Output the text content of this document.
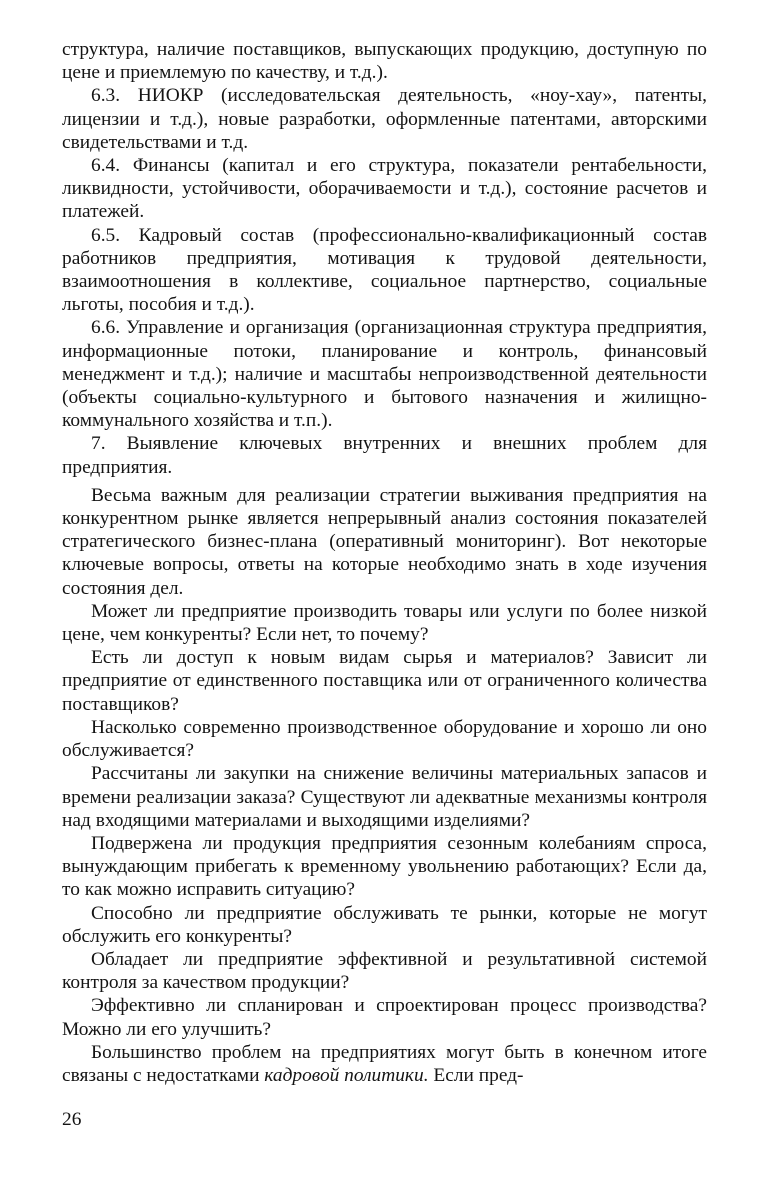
структура, наличие поставщиков, выпускающих продукцию, доступную по цене и приемлемую по качеству, и т.д.).

6.3. НИОКР (исследовательская деятельность, «ноу-хау», патенты, лицензии и т.д.), новые разработки, оформленные патентами, авторскими свидетельствами и т.д.

6.4. Финансы (капитал и его структура, показатели рентабельности, ликвидности, устойчивости, оборачиваемости и т.д.), состояние расчетов и платежей.

6.5. Кадровый состав (профессионально-квалификационный состав работников предприятия, мотивация к трудовой деятельности, взаимоотношения в коллективе, социальное партнерство, социальные льготы, пособия и т.д.).

6.6. Управление и организация (организационная структура предприятия, информационные потоки, планирование и контроль, финансовый менеджмент и т.д.); наличие и масштабы непроизводственной деятельности (объекты социально-культурного и бытового назначения и жилищно-коммунального хозяйства и т.п.).

7. Выявление ключевых внутренних и внешних проблем для предприятия.

Весьма важным для реализации стратегии выживания предприятия на конкурентном рынке является непрерывный анализ состояния показателей стратегического бизнес-плана (оперативный мониторинг). Вот некоторые ключевые вопросы, ответы на которые необходимо знать в ходе изучения состояния дел.

Может ли предприятие производить товары или услуги по более низкой цене, чем конкуренты? Если нет, то почему?

Есть ли доступ к новым видам сырья и материалов? Зависит ли предприятие от единственного поставщика или от ограниченного количества поставщиков?

Насколько современно производственное оборудование и хорошо ли оно обслуживается?

Рассчитаны ли закупки на снижение величины материальных запасов и времени реализации заказа? Существуют ли адекватные механизмы контроля над входящими материалами и выходящими изделиями?

Подвержена ли продукция предприятия сезонным колебаниям спроса, вынуждающим прибегать к временному увольнению работающих? Если да, то как можно исправить ситуацию?

Способно ли предприятие обслуживать те рынки, которые не могут обслужить его конкуренты?

Обладает ли предприятие эффективной и результативной системой контроля за качеством продукции?

Эффективно ли спланирован и спроектирован процесс производства? Можно ли его улучшить?

Большинство проблем на предприятиях могут быть в конечном итоге связаны с недостатками кадровой политики. Если пред-

26
